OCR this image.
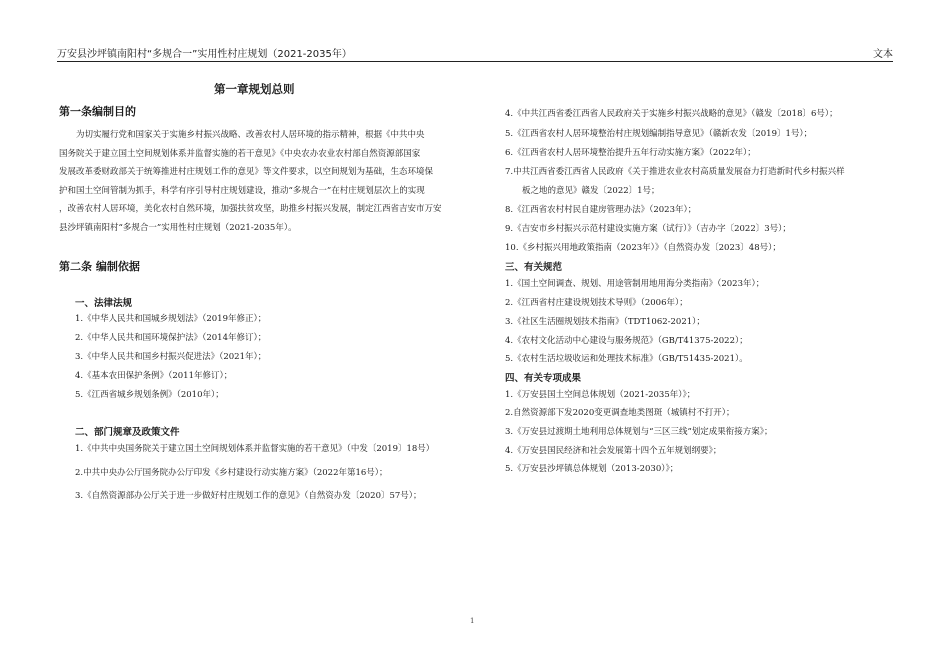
万安县沙坪镇南阳村“多规合一”实用性村庄规划（2021-2035年）	文本
第一章规划总则
第一条编制目的
为切实履行党和国家关于实施乡村振兴战略、改善农村人居环境的指示精神，根据《中共中央
国务院关于建立国土空间规划体系并监督实施的若干意见》《中央农办农业农村部自然资源部国家
发展改革委财政部关于统筹推进村庄规划工作的意见》等文件要求，以空间规划为基础，生态环境保
护和国土空间管制为抓手，科学有序引导村庄规划建设，推动“多规合一”在村庄规划层次上的实现
，改善农村人居环境，美化农村自然环境，加强扶贫攻坚，助推乡村振兴发展，制定江西省吉安市万安
县沙坪镇南阳村“多规合一”实用性村庄规划（2021-2035年）。
第二条 编制依据
一、法律法规
1.《中华人民共和国城乡规划法》（2019年修正）；
2.《中华人民共和国环境保护法》（2014年修订）；
3.《中华人民共和国乡村振兴促进法》（2021年）；
4.《基本农田保护条例》（2011年修订）；
5.《江西省城乡规划条例》（2010年）；
二、部门规章及政策文件
1.《中共中央国务院关于建立国土空间规划体系并监督实施的若干意见》（中发〔2019〕18号）
2.中共中央办公厅国务院办公厅印发《乡村建设行动实施方案》（2022年第16号）；
3.《自然资源部办公厅关于进一步做好村庄规划工作的意见》（自然资办发〔2020〕57号）；
4.《中共江西省委江西省人民政府关于实施乡村振兴战略的意见》（赣发〔2018〕6号）；
5.《江西省农村人居环境整治村庄规划编制指导意见》（赣新农发〔2019〕1号）；
6.《江西省农村人居环境整治提升五年行动实施方案》（2022年）；
7.中共江西省委江西省人民政府《关于推进农业农村高质量发展奋力打造新时代乡村振兴样
板之地的意见》赣发〔2022〕1号；
8.《江西省农村村民自建房管理办法》（2023年）；
9.《吉安市乡村振兴示范村建设实施方案（试行）》（吉办字〔2022〕3号）；
10.《乡村振兴用地政策指南（2023年）》（自然资办发〔2023〕48号）；
三、有关规范
1.《国土空间调查、规划、用途管制用地用海分类指南》（2023年）；
2.《江西省村庄建设规划技术导则》（2006年）；
3.《社区生活圈规划技术指南》（TDT1062-2021）；
4.《农村文化活动中心建设与服务规范》（GB/T41375-2022）；
5.《农村生活垃圾收运和处理技术标准》（GB/T51435-2021）。
四、有关专项成果
1.《万安县国土空间总体规划（2021-2035年）》；
2.自然资源部下发2020变更调查地类图斑（城镇村不打开）；
3.《万安县过渡期土地利用总体规划与“三区三线”划定成果衔接方案》；
4.《万安县国民经济和社会发展第十四个五年规划纲要》；
5.《万安县沙坪镇总体规划（2013-2030）》；
1
